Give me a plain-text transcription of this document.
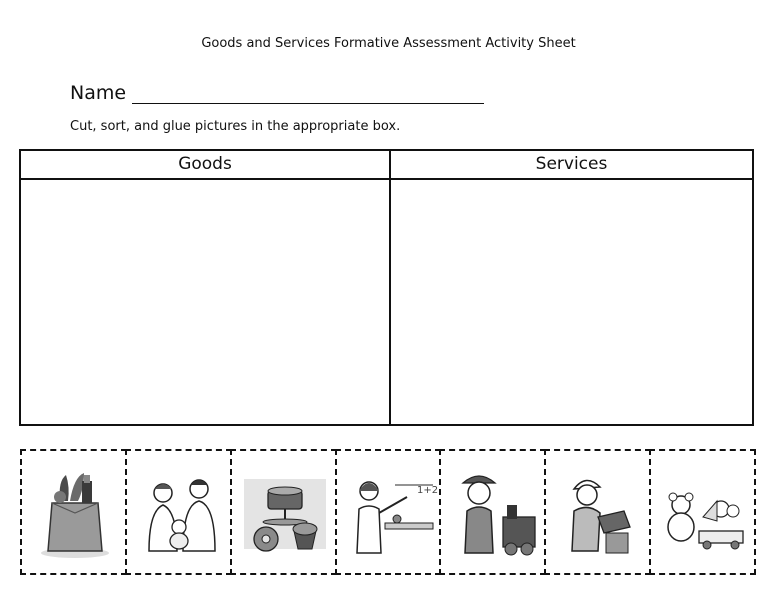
Goods and Services Formative Assessment Activity Sheet
Name
Cut, sort, and glue pictures in the appropriate box.
Goods	Services
1+2
